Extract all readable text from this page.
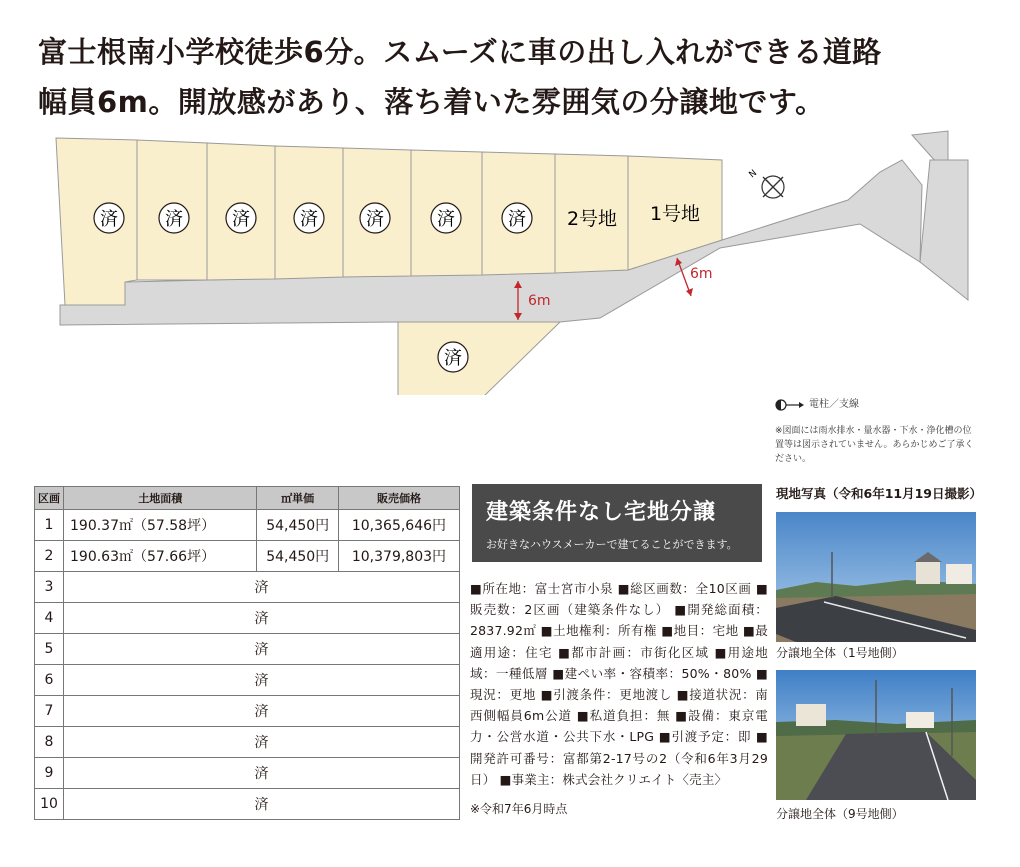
富士根南小学校徒歩6分。スムーズに車の出し入れができる道路
幅員6m。開放感があり、落ち着いた雰囲気の分譲地です。
済	済	済	済	済	済	済
済
2号地 1号地
6m
6m
N
電柱／支線
※図面には雨水排水・量水器・下水・浄化槽の位置等は図示されていません。あらかじめご了承ください。
区画	土地面積	㎡単価	販売価格
1	190.37㎡（57.58坪）	54,450円	10,365,646円
2	190.63㎡（57.66坪）	54,450円	10,379,803円
3	済		
4	済		
5	済		
6	済		
7	済		
8	済		
9	済		
10	済		
建築条件なし宅地分譲
お好きなハウスメーカーで建てることができます。
■所在地：富士宮市小泉 ■総区画数：全10区画 ■販売数：2区画（建築条件なし） ■開発総面積：2837.92㎡ ■土地権利：所有権 ■地目：宅地 ■最適用途：住宅 ■都市計画：市街化区域 ■用途地域：一種低層 ■建ぺい率・容積率：50%・80% ■現況：更地 ■引渡条件：更地渡し ■接道状況：南西側幅員6m公道 ■私道負担：無 ■設備：東京電力・公営水道・公共下水・LPG ■引渡予定：即 ■開発許可番号：富都第2-17号の2（令和6年3月29日） ■事業主：株式会社クリエイト〈売主〉
※令和7年6月時点
現地写真（令和6年11月19日撮影）
分譲地全体（1号地側）
分譲地全体（9号地側）
